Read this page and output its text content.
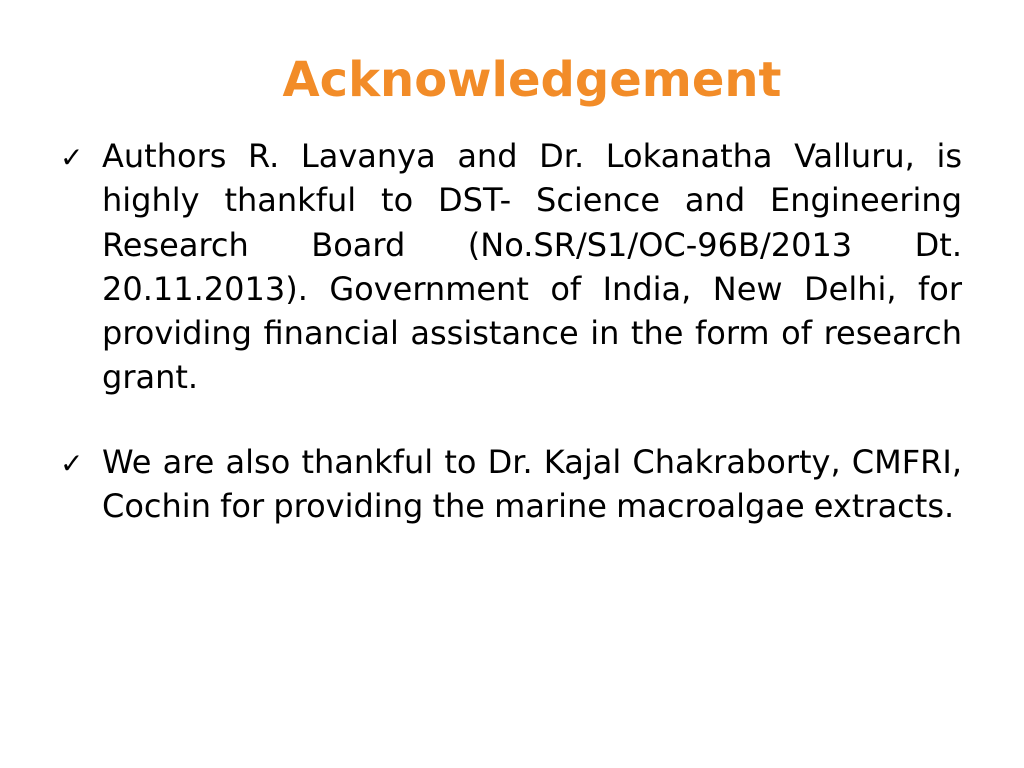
Acknowledgement
✓ Authors R. Lavanya and Dr. Lokanatha Valluru, is highly thankful to DST- Science and Engineering Research Board (No.SR/S1/OC-96B/2013 Dt. 20.11.2013). Government of India, New Delhi, for providing financial assistance in the form of research grant.
✓ We are also thankful to Dr. Kajal Chakraborty, CMFRI, Cochin for providing the marine macroalgae extracts.
